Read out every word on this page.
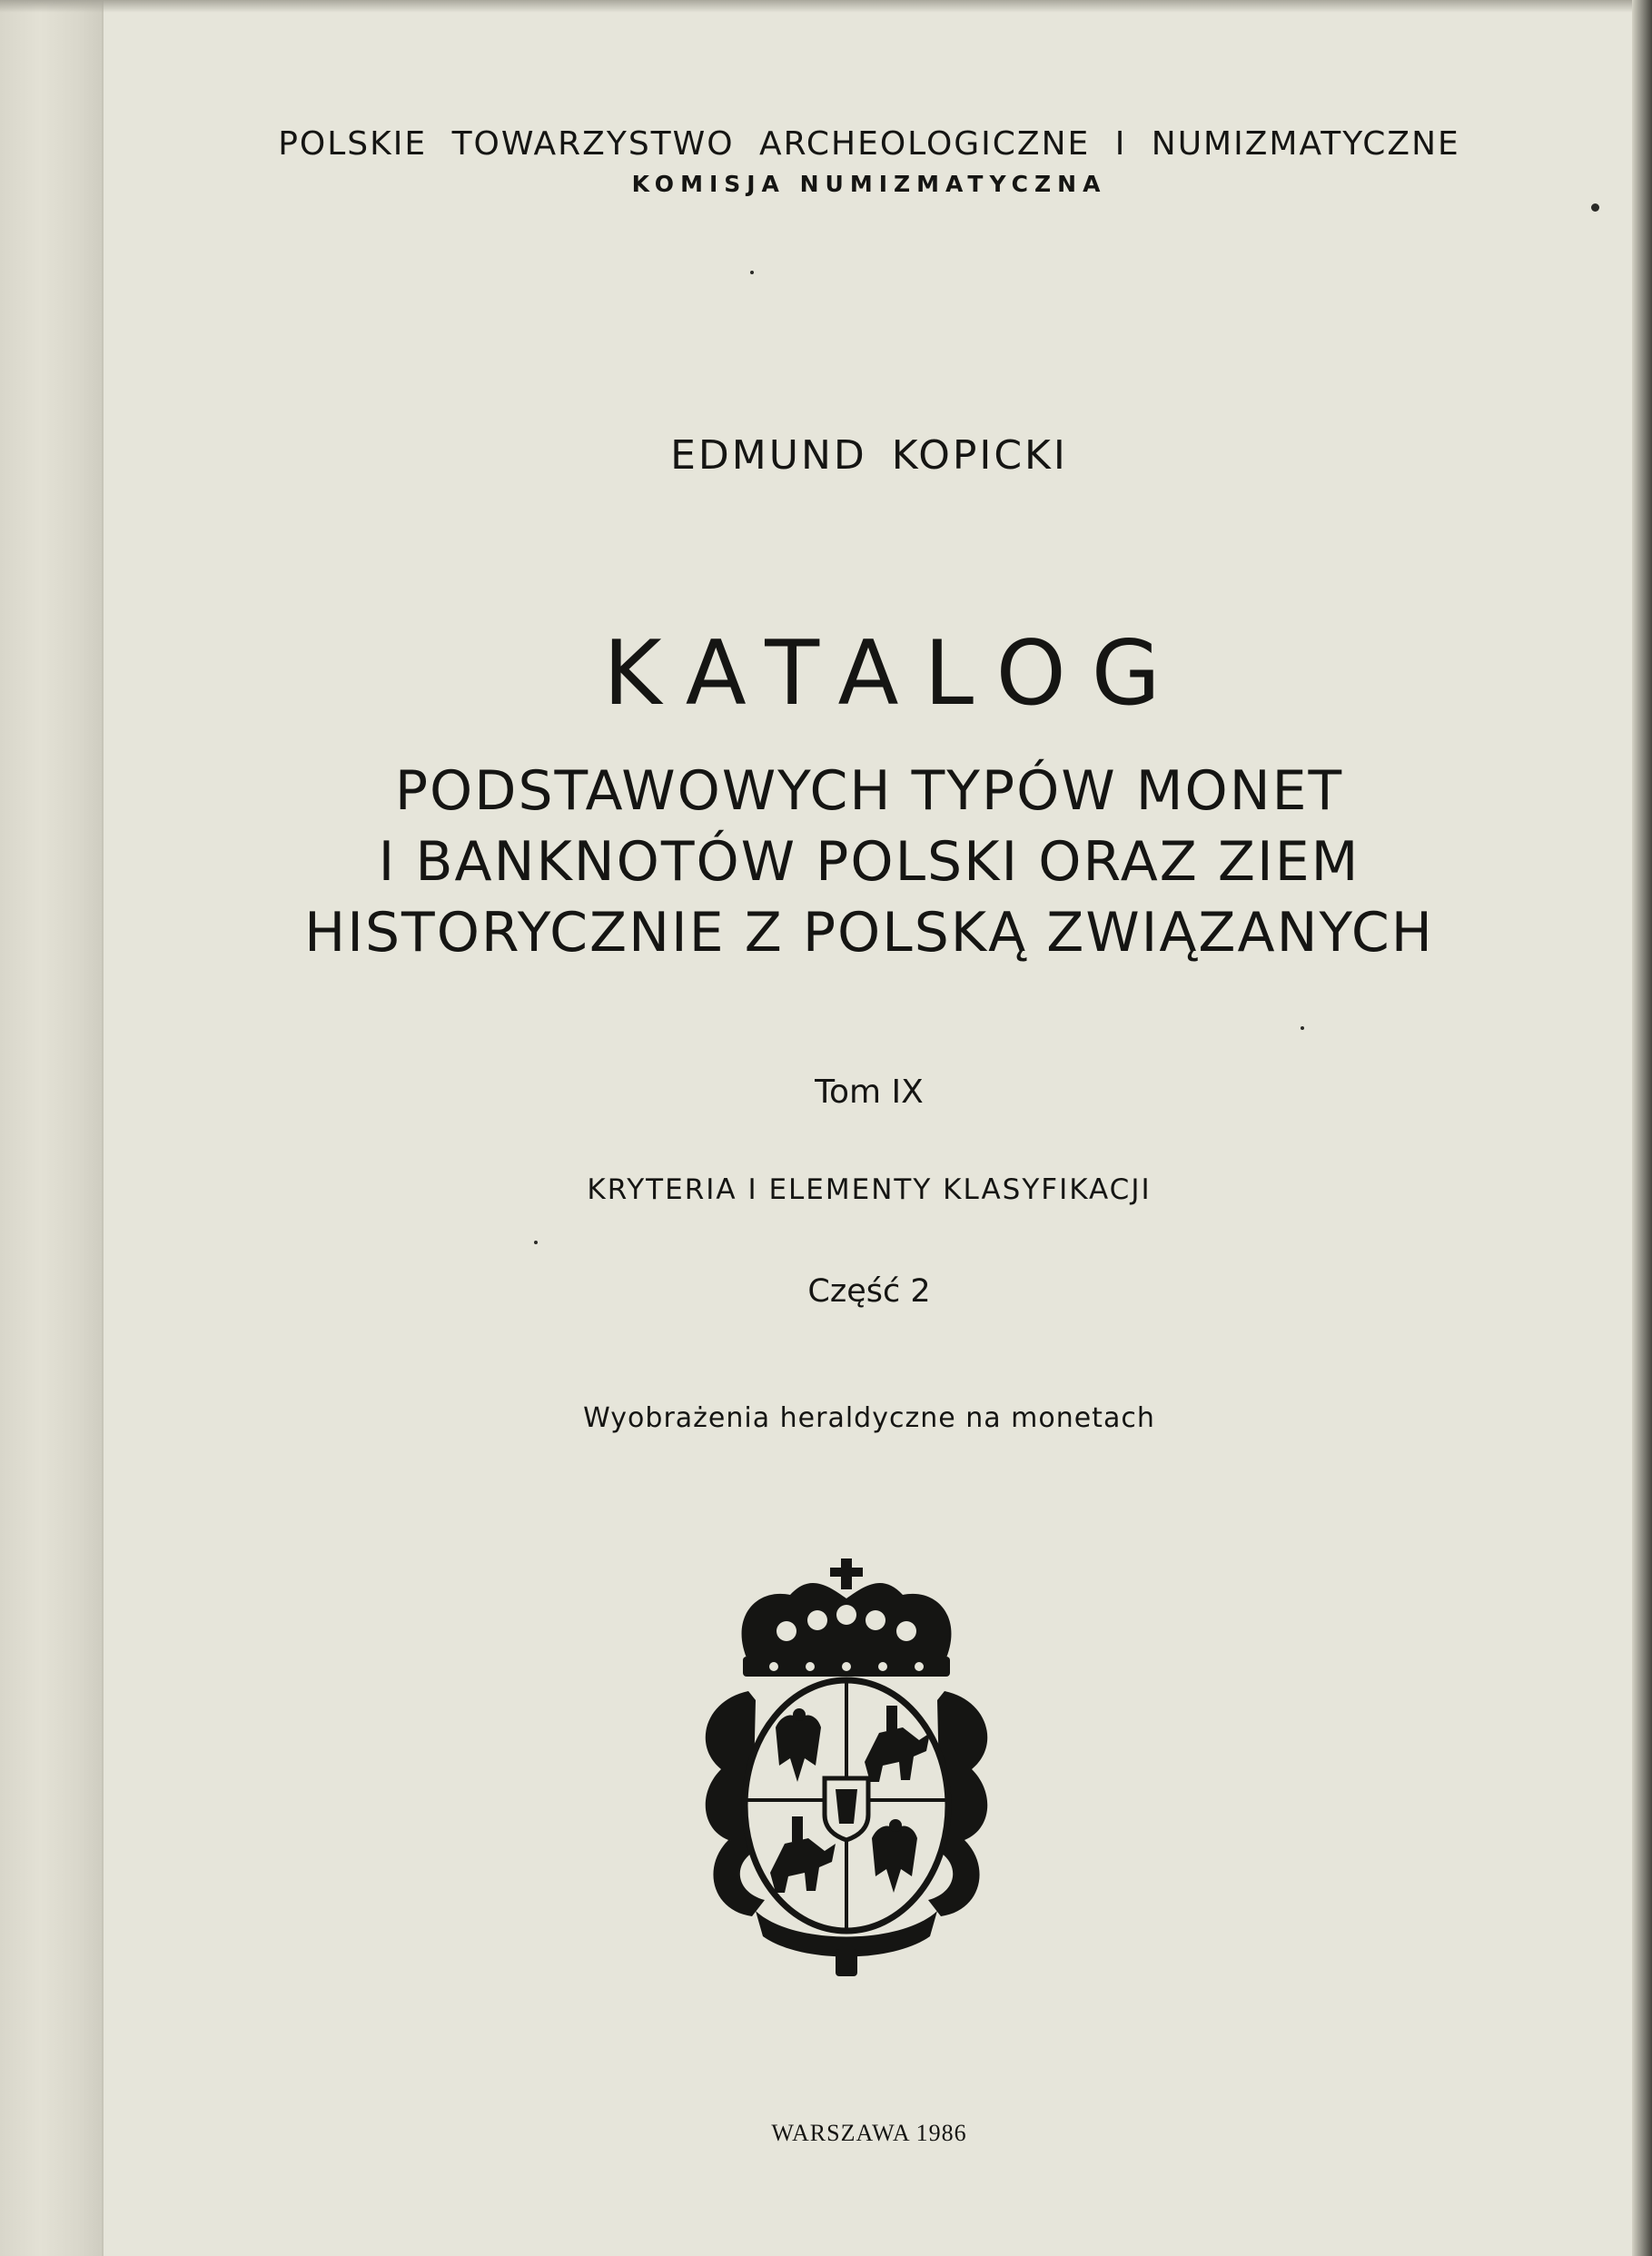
POLSKIE TOWARZYSTWO ARCHEOLOGICZNE I NUMIZMATYCZNE

KOMISJA NUMIZMATYCZNA

EDMUND KOPICKI

KATALOG

PODSTAWOWYCH TYPÓW MONET
I BANKNOTÓW POLSKI ORAZ ZIEM
HISTORYCZNIE Z POLSKĄ ZWIĄZANYCH

Tom IX

KRYTERIA I ELEMENTY KLASYFIKACJI

Część 2

Wyobrażenia heraldyczne na monetach

WARSZAWA 1986
